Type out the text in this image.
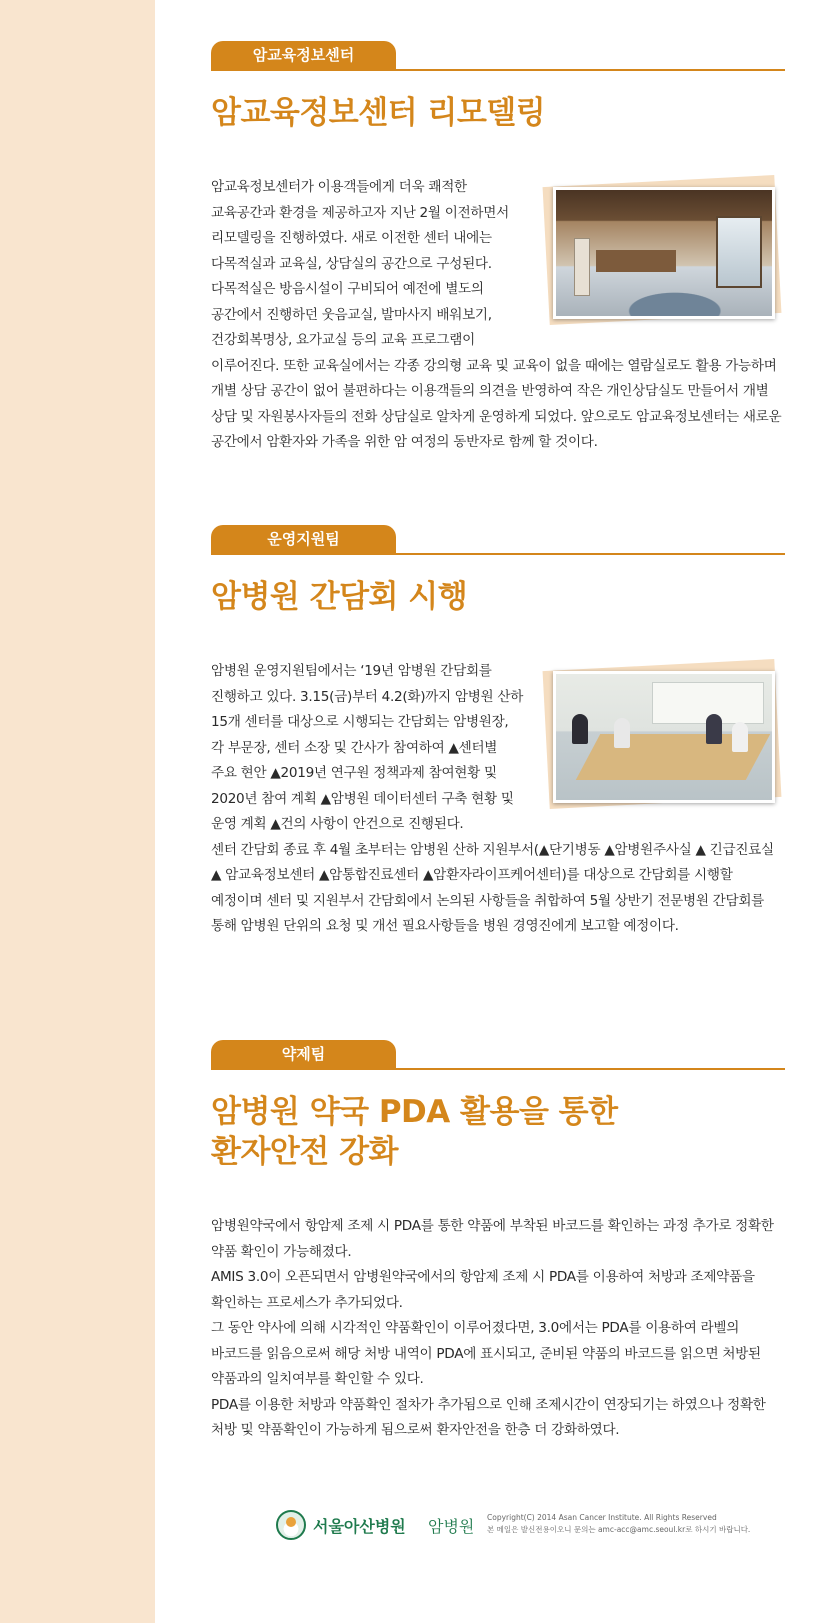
암교육정보센터
암교육정보센터 리모델링

암교육정보센터가 이용객들에게 더욱 쾌적한 교육공간과 환경을 제공하고자 지난 2월 이전하면서 리모델링을 진행하였다. 새로 이전한 센터 내에는 다목적실과 교육실, 상담실의 공간으로 구성된다. 다목적실은 방음시설이 구비되어 예전에 별도의 공간에서 진행하던 웃음교실, 발마사지 배워보기, 건강회복명상, 요가교실 등의 교육 프로그램이 이루어진다. 또한 교육실에서는 각종 강의형 교육 및 교육이 없을 때에는 열람실로도 활용 가능하며 개별 상담 공간이 없어 불편하다는 이용객들의 의견을 반영하여 작은 개인상담실도 만들어서 개별 상담 및 자원봉사자들의 전화 상담실로 알차게 운영하게 되었다. 앞으로도 암교육정보센터는 새로운 공간에서 암환자와 가족을 위한 암 여정의 동반자로 함께 할 것이다.

운영지원팀
암병원 간담회 시행

암병원 운영지원팀에서는 ‘19년 암병원 간담회를 진행하고 있다. 3.15(금)부터 4.2(화)까지 암병원 산하 15개 센터를 대상으로 시행되는 간담회는 암병원장, 각 부문장, 센터 소장 및 간사가 참여하여 ▲센터별 주요 현안 ▲2019년 연구원 정책과제 참여현황 및 2020년 참여 계획 ▲암병원 데이터센터 구축 현황 및 운영 계획 ▲건의 사항이 안건으로 진행된다.

센터 간담회 종료 후 4월 초부터는 암병원 산하 지원부서(▲단기병동 ▲암병원주사실 ▲ 긴급진료실 ▲ 암교육정보센터 ▲암통합진료센터 ▲암환자라이프케어센터)를 대상으로 간담회를 시행할 예정이며 센터 및 지원부서 간담회에서 논의된 사항들을 취합하여 5월 상반기 전문병원 간담회를 통해 암병원 단위의 요청 및 개선 필요사항들을 병원 경영진에게 보고할 예정이다.

약제팀
암병원 약국 PDA 활용을 통한
환자안전 강화

암병원약국에서 항암제 조제 시 PDA를 통한 약품에 부착된 바코드를 확인하는 과정 추가로 정확한 약품 확인이 가능해졌다.

AMIS 3.0이 오픈되면서 암병원약국에서의 항암제 조제 시 PDA를 이용하여 처방과 조제약품을 확인하는 프로세스가 추가되었다.

그 동안 약사에 의해 시각적인 약품확인이 이루어졌다면, 3.0에서는 PDA를 이용하여 라벨의 바코드를 읽음으로써 해당 처방 내역이 PDA에 표시되고, 준비된 약품의 바코드를 읽으면 처방된 약품과의 일치여부를 확인할 수 있다.

PDA를 이용한 처방과 약품확인 절차가 추가됨으로 인해 조제시간이 연장되기는 하였으나 정확한 처방 및 약품확인이 가능하게 됨으로써 환자안전을 한층 더 강화하였다.

서울아산병원 암병원 Copyright(C) 2014 Asan Cancer Institute. All Rights Reserved
본 메일은 발신전용이오니 문의는 amc-acc@amc.seoul.kr로 하시기 바랍니다.
